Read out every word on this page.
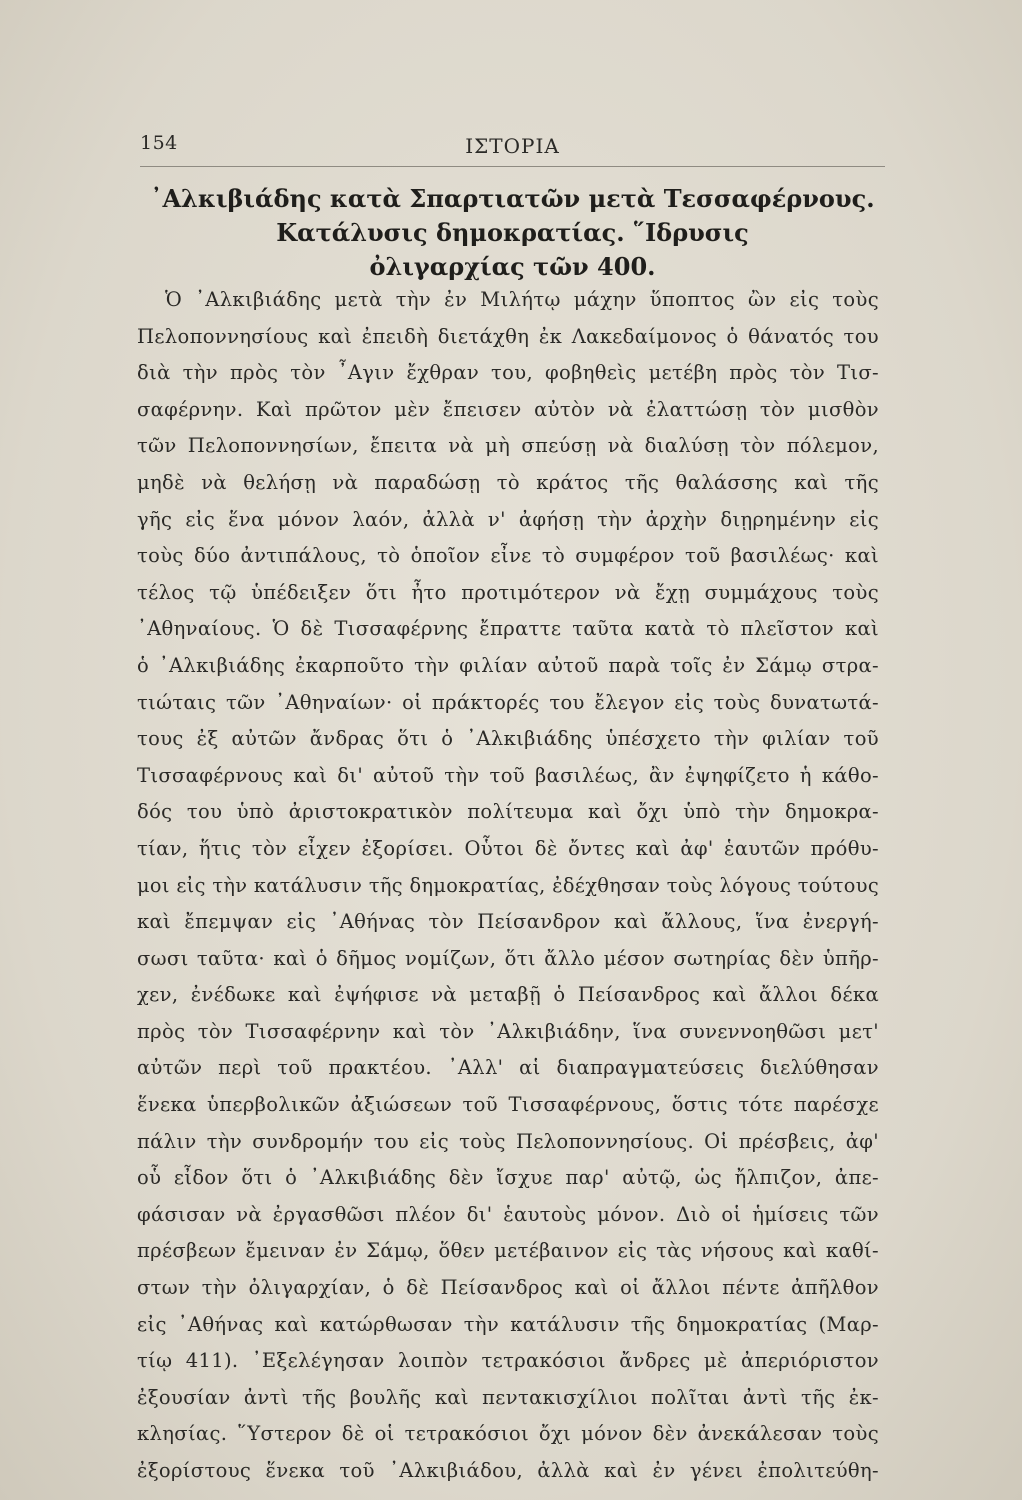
154	ΙΣΤΟΡΙΑ
᾿Αλκιβιάδης κατὰ Σπαρτιατῶν μετὰ Τεσσαφέρνους.
Κατάλυσις δημοκρατίας. ῞Ιδρυσις
ὀλιγαρχίας τῶν 400.
Ὁ ᾿Αλκιβιάδης μετὰ τὴν ἐν Μιλήτῳ μάχην ὕποπτος ὢν εἰς τοὺς
Πελοποννησίους καὶ ἐπειδὴ διετάχθη ἐκ Λακεδαίμονος ὁ θάνατός του
διὰ τὴν πρὸς τὸν ῏Αγιν ἔχθραν του, φοβηθεὶς μετέβη πρὸς τὸν Τισ-
σαφέρνην. Καὶ πρῶτον μὲν ἔπεισεν αὐτὸν νὰ ἐλαττώσῃ τὸν μισθὸν
τῶν Πελοποννησίων, ἔπειτα νὰ μὴ σπεύσῃ νὰ διαλύσῃ τὸν πόλεμον,
μηδὲ νὰ θελήσῃ νὰ παραδώσῃ τὸ κράτος τῆς θαλάσσης καὶ τῆς
γῆς εἰς ἕνα μόνον λαόν, ἀλλὰ ν' ἀφήσῃ τὴν ἀρχὴν διῃρημένην εἰς
τοὺς δύο ἀντιπάλους, τὸ ὁποῖον εἶνε τὸ συμφέρον τοῦ βασιλέως· καὶ
τέλος τῷ ὑπέδειξεν ὅτι ἦτο προτιμότερον νὰ ἔχῃ συμμάχους τοὺς
᾿Αθηναίους. Ὁ δὲ Τισσαφέρνης ἔπραττε ταῦτα κατὰ τὸ πλεῖστον καὶ
ὁ ᾿Αλκιβιάδης ἐκαρποῦτο τὴν φιλίαν αὐτοῦ παρὰ τοῖς ἐν Σάμῳ στρα-
τιώταις τῶν ᾿Αθηναίων· οἱ πράκτορές του ἔλεγον εἰς τοὺς δυνατωτά-
τους ἐξ αὐτῶν ἄνδρας ὅτι ὁ ᾿Αλκιβιάδης ὑπέσχετο τὴν φιλίαν τοῦ
Τισσαφέρνους καὶ δι' αὐτοῦ τὴν τοῦ βασιλέως, ἂν ἐψηφίζετο ἡ κάθο-
δός του ὑπὸ ἀριστοκρατικὸν πολίτευμα καὶ ὄχι ὑπὸ τὴν δημοκρα-
τίαν, ἥτις τὸν εἶχεν ἐξορίσει. Οὗτοι δὲ ὄντες καὶ ἀφ' ἑαυτῶν πρόθυ-
μοι εἰς τὴν κατάλυσιν τῆς δημοκρατίας, ἐδέχθησαν τοὺς λόγους τούτους
καὶ ἔπεμψαν εἰς ᾿Αθήνας τὸν Πείσανδρον καὶ ἄλλους, ἵνα ἐνεργή-
σωσι ταῦτα· καὶ ὁ δῆμος νομίζων, ὅτι ἄλλο μέσον σωτηρίας δὲν ὑπῆρ-
χεν, ἐνέδωκε καὶ ἐψήφισε νὰ μεταβῇ ὁ Πείσανδρος καὶ ἄλλοι δέκα
πρὸς τὸν Τισσαφέρνην καὶ τὸν ᾿Αλκιβιάδην, ἵνα συνεννοηθῶσι μετ'
αὐτῶν περὶ τοῦ πρακτέου. ᾿Αλλ' αἱ διαπραγματεύσεις διελύθησαν
ἕνεκα ὑπερβολικῶν ἀξιώσεων τοῦ Τισσαφέρνους, ὅστις τότε παρέσχε
πάλιν τὴν συνδρομήν του εἰς τοὺς Πελοποννησίους. Οἱ πρέσβεις, ἀφ'
οὗ εἶδον ὅτι ὁ ᾿Αλκιβιάδης δὲν ἴσχυε παρ' αὐτῷ, ὡς ἤλπιζον, ἀπε-
φάσισαν νὰ ἐργασθῶσι πλέον δι' ἑαυτοὺς μόνον. Διὸ οἱ ἡμίσεις τῶν
πρέσβεων ἔμειναν ἐν Σάμῳ, ὅθεν μετέβαινον εἰς τὰς νήσους καὶ καθί-
στων τὴν ὀλιγαρχίαν, ὁ δὲ Πείσανδρος καὶ οἱ ἄλλοι πέντε ἀπῆλθον
εἰς ᾿Αθήνας καὶ κατώρθωσαν τὴν κατάλυσιν τῆς δημοκρατίας (Μαρ-
τίῳ 411). ᾿Εξελέγησαν λοιπὸν τετρακόσιοι ἄνδρες μὲ ἀπεριόριστον
ἐξουσίαν ἀντὶ τῆς βουλῆς καὶ πεντακισχίλιοι πολῖται ἀντὶ τῆς ἐκ-
κλησίας. ῞Υστερον δὲ οἱ τετρακόσιοι ὄχι μόνον δὲν ἀνεκάλεσαν τοὺς
ἐξορίστους ἕνεκα τοῦ ᾿Αλκιβιάδου, ἀλλὰ καὶ ἐν γένει ἐπολιτεύθη-
